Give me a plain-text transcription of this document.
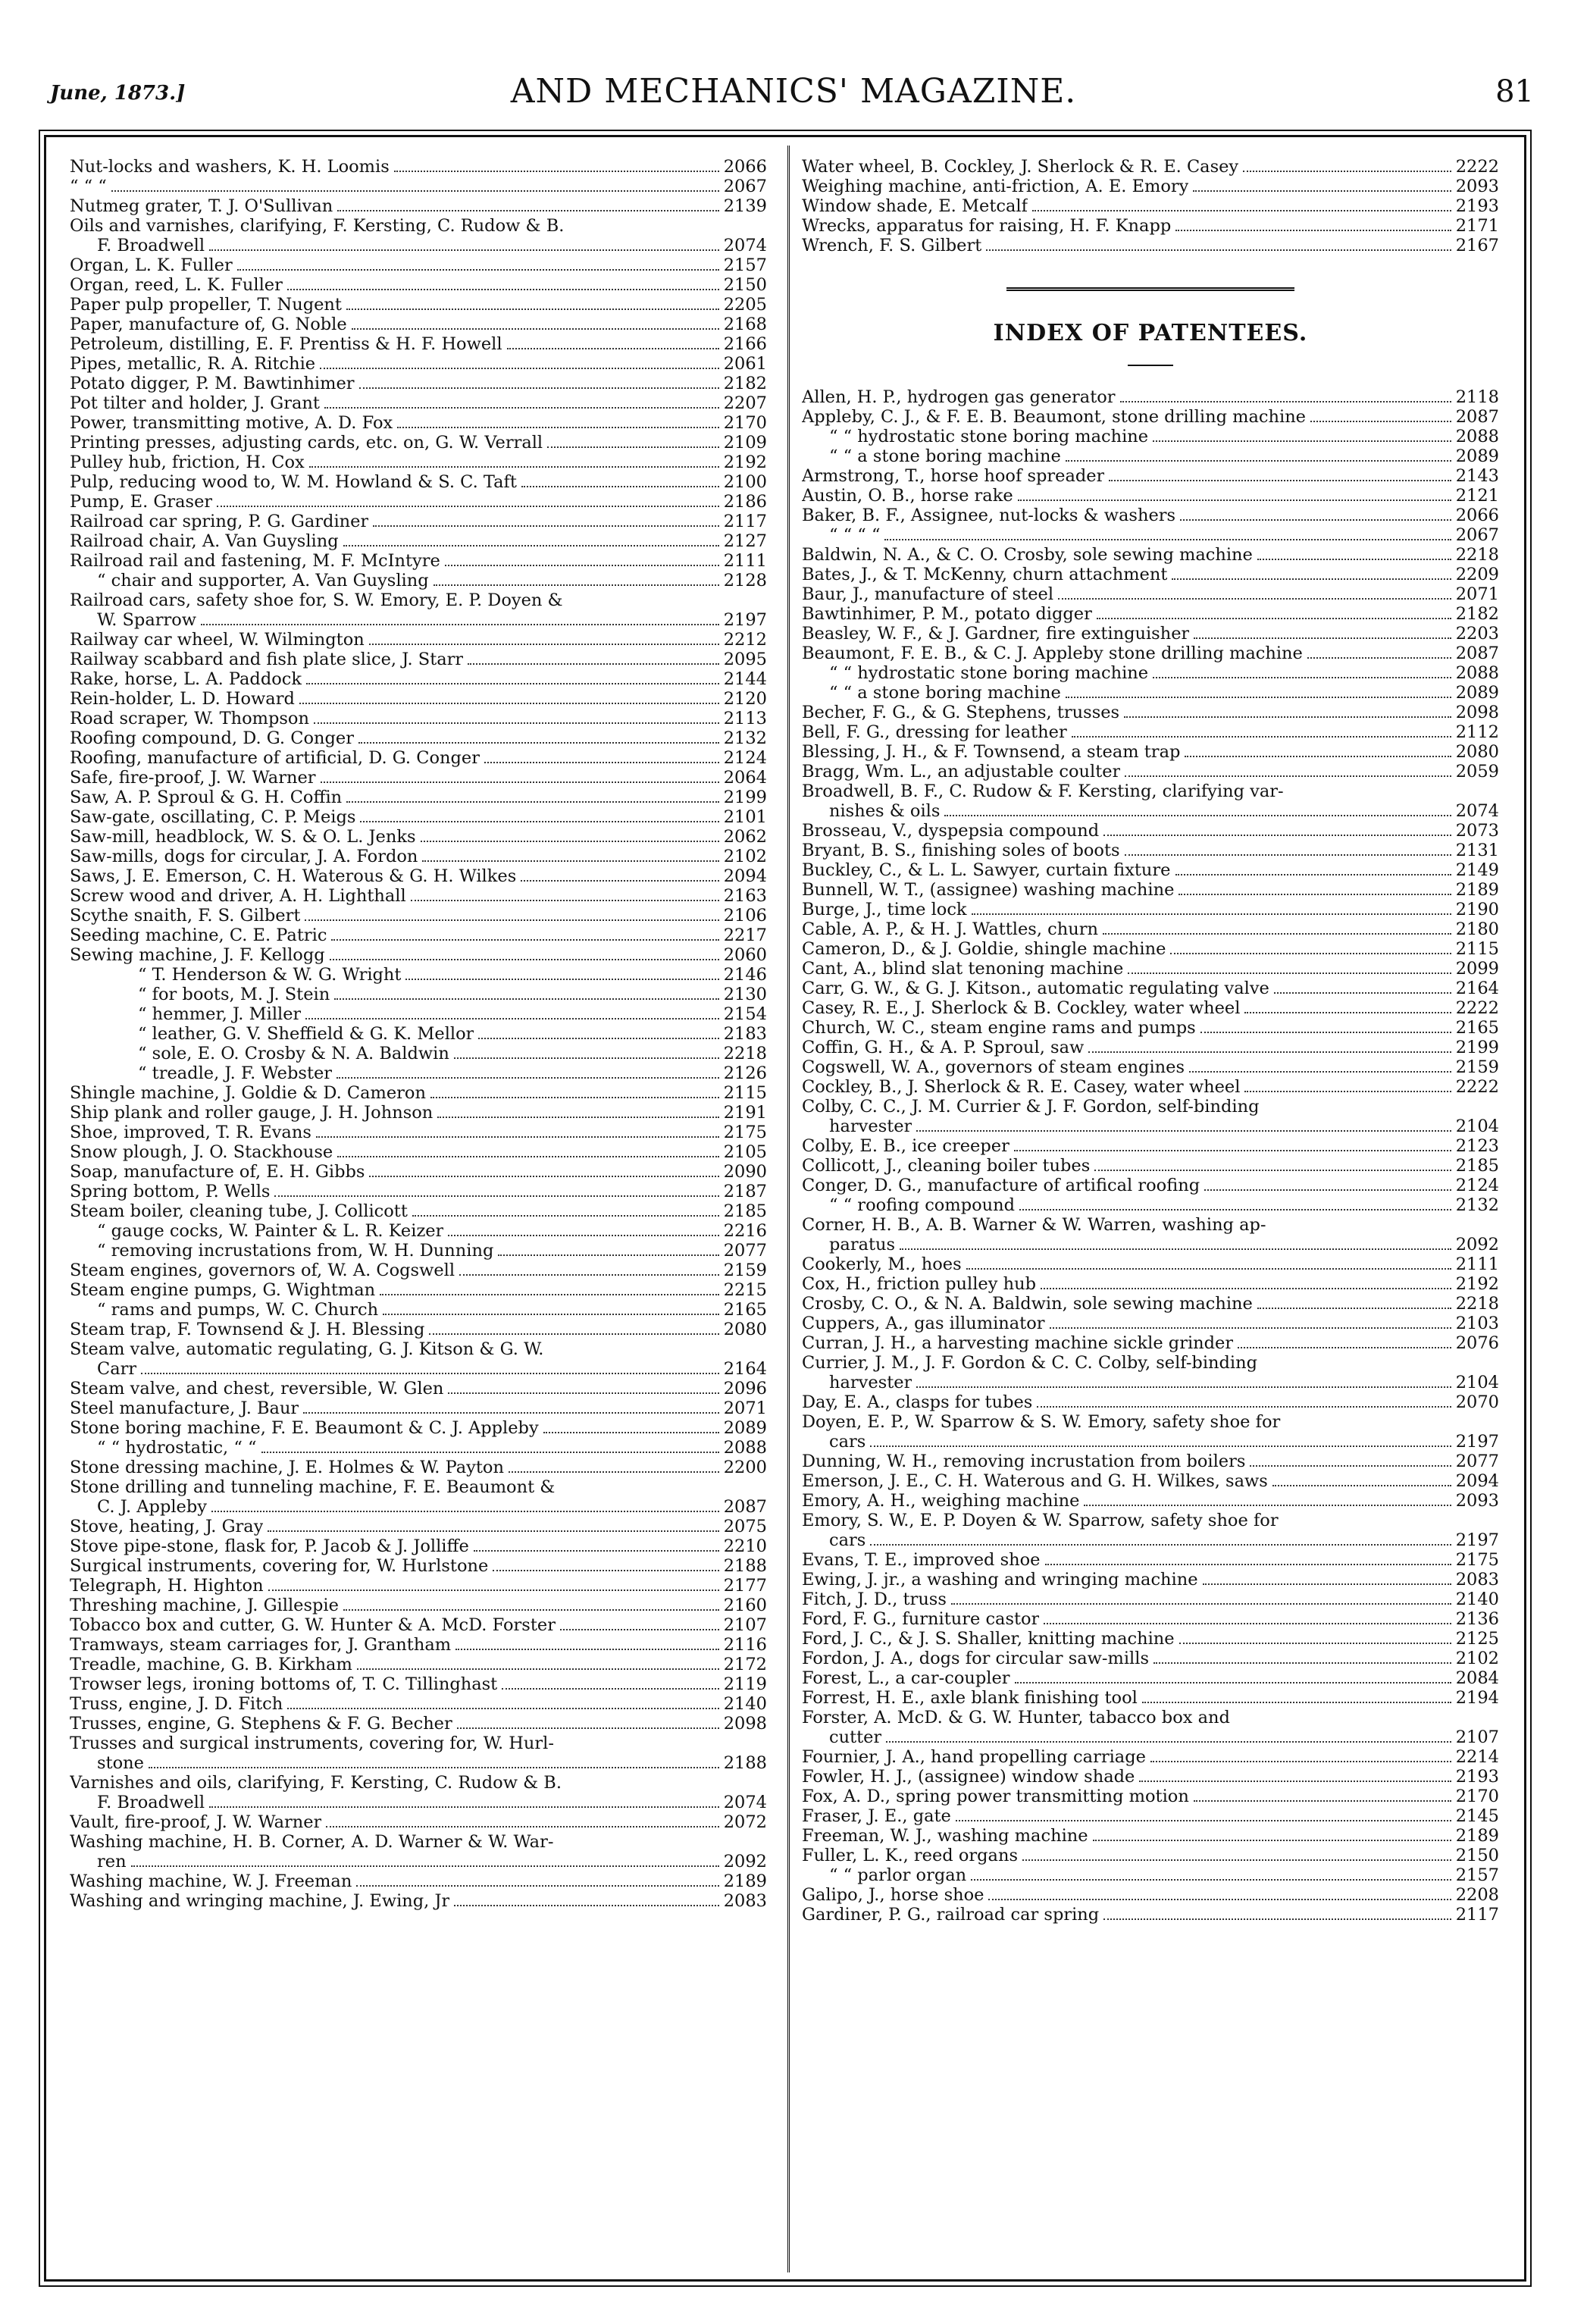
June, 1873.]	AND MECHANICS' MAGAZINE.	81
Nut-locks and washers, K. H. Loomis	2066
“ “ “	2067
Nutmeg grater, T. J. O'Sullivan	2139
Oils and varnishes, clarifying, F. Kersting, C. Rudow & B.
F. Broadwell	2074
Organ, L. K. Fuller	2157
Organ, reed, L. K. Fuller	2150
Paper pulp propeller, T. Nugent	2205
Paper, manufacture of, G. Noble	2168
Petroleum, distilling, E. F. Prentiss & H. F. Howell	2166
Pipes, metallic, R. A. Ritchie	2061
Potato digger, P. M. Bawtinhimer	2182
Pot tilter and holder, J. Grant	2207
Power, transmitting motive, A. D. Fox	2170
Printing presses, adjusting cards, etc. on, G. W. Verrall	2109
Pulley hub, friction, H. Cox	2192
Pulp, reducing wood to, W. M. Howland & S. C. Taft	2100
Pump, E. Graser	2186
Railroad car spring, P. G. Gardiner	2117
Railroad chair, A. Van Guysling	2127
Railroad rail and fastening, M. F. McIntyre	2111
“ chair and supporter, A. Van Guysling	2128
Railroad cars, safety shoe for, S. W. Emory, E. P. Doyen &
W. Sparrow	2197
Railway car wheel, W. Wilmington	2212
Railway scabbard and fish plate slice, J. Starr	2095
Rake, horse, L. A. Paddock	2144
Rein-holder, L. D. Howard	2120
Road scraper, W. Thompson	2113
Roofing compound, D. G. Conger	2132
Roofing, manufacture of artificial, D. G. Conger	2124
Safe, fire-proof, J. W. Warner	2064
Saw, A. P. Sproul & G. H. Coffin	2199
Saw-gate, oscillating, C. P. Meigs	2101
Saw-mill, headblock, W. S. & O. L. Jenks	2062
Saw-mills, dogs for circular, J. A. Fordon	2102
Saws, J. E. Emerson, C. H. Waterous & G. H. Wilkes	2094
Screw wood and driver, A. H. Lighthall	2163
Scythe snaith, F. S. Gilbert	2106
Seeding machine, C. E. Patric	2217
Sewing machine, J. F. Kellogg	2060
“ T. Henderson & W. G. Wright	2146
“ for boots, M. J. Stein	2130
“ hemmer, J. Miller	2154
“ leather, G. V. Sheffield & G. K. Mellor	2183
“ sole, E. O. Crosby & N. A. Baldwin	2218
“ treadle, J. F. Webster	2126
Shingle machine, J. Goldie & D. Cameron	2115
Ship plank and roller gauge, J. H. Johnson	2191
Shoe, improved, T. R. Evans	2175
Snow plough, J. O. Stackhouse	2105
Soap, manufacture of, E. H. Gibbs	2090
Spring bottom, P. Wells	2187
Steam boiler, cleaning tube, J. Collicott	2185
“ gauge cocks, W. Painter & L. R. Keizer	2216
“ removing incrustations from, W. H. Dunning	2077
Steam engines, governors of, W. A. Cogswell	2159
Steam engine pumps, G. Wightman	2215
“ rams and pumps, W. C. Church	2165
Steam trap, F. Townsend & J. H. Blessing	2080
Steam valve, automatic regulating, G. J. Kitson & G. W.
Carr	2164
Steam valve, and chest, reversible, W. Glen	2096
Steel manufacture, J. Baur	2071
Stone boring machine, F. E. Beaumont & C. J. Appleby	2089
“ “ hydrostatic, “ “	2088
Stone dressing machine, J. E. Holmes & W. Payton	2200
Stone drilling and tunneling machine, F. E. Beaumont &
C. J. Appleby	2087
Stove, heating, J. Gray	2075
Stove pipe-stone, flask for, P. Jacob & J. Jolliffe	2210
Surgical instruments, covering for, W. Hurlstone	2188
Telegraph, H. Highton	2177
Threshing machine, J. Gillespie	2160
Tobacco box and cutter, G. W. Hunter & A. McD. Forster	2107
Tramways, steam carriages for, J. Grantham	2116
Treadle, machine, G. B. Kirkham	2172
Trowser legs, ironing bottoms of, T. C. Tillinghast	2119
Truss, engine, J. D. Fitch	2140
Trusses, engine, G. Stephens & F. G. Becher	2098
Trusses and surgical instruments, covering for, W. Hurl-
stone	2188
Varnishes and oils, clarifying, F. Kersting, C. Rudow & B.
F. Broadwell	2074
Vault, fire-proof, J. W. Warner	2072
Washing machine, H. B. Corner, A. D. Warner & W. War-
ren	2092
Washing machine, W. J. Freeman	2189
Washing and wringing machine, J. Ewing, Jr	2083
Water wheel, B. Cockley, J. Sherlock & R. E. Casey	2222
Weighing machine, anti-friction, A. E. Emory	2093
Window shade, E. Metcalf	2193
Wrecks, apparatus for raising, H. F. Knapp	2171
Wrench, F. S. Gilbert	2167
INDEX OF PATENTEES.
Allen, H. P., hydrogen gas generator	2118
Appleby, C. J., & F. E. B. Beaumont, stone drilling machine	2087
“ “ hydrostatic stone boring machine	2088
“ “ a stone boring machine	2089
Armstrong, T., horse hoof spreader	2143
Austin, O. B., horse rake	2121
Baker, B. F., Assignee, nut-locks & washers	2066
“ “ “ “	2067
Baldwin, N. A., & C. O. Crosby, sole sewing machine	2218
Bates, J., & T. McKenny, churn attachment	2209
Baur, J., manufacture of steel	2071
Bawtinhimer, P. M., potato digger	2182
Beasley, W. F., & J. Gardner, fire extinguisher	2203
Beaumont, F. E. B., & C. J. Appleby stone drilling machine	2087
“ “ hydrostatic stone boring machine	2088
“ “ a stone boring machine	2089
Becher, F. G., & G. Stephens, trusses	2098
Bell, F. G., dressing for leather	2112
Blessing, J. H., & F. Townsend, a steam trap	2080
Bragg, Wm. L., an adjustable coulter	2059
Broadwell, B. F., C. Rudow & F. Kersting, clarifying var-
nishes & oils	2074
Brosseau, V., dyspepsia compound	2073
Bryant, B. S., finishing soles of boots	2131
Buckley, C., & L. L. Sawyer, curtain fixture	2149
Bunnell, W. T., (assignee) washing machine	2189
Burge, J., time lock	2190
Cable, A. P., & H. J. Wattles, churn	2180
Cameron, D., & J. Goldie, shingle machine	2115
Cant, A., blind slat tenoning machine	2099
Carr, G. W., & G. J. Kitson., automatic regulating valve	2164
Casey, R. E., J. Sherlock & B. Cockley, water wheel	2222
Church, W. C., steam engine rams and pumps	2165
Coffin, G. H., & A. P. Sproul, saw	2199
Cogswell, W. A., governors of steam engines	2159
Cockley, B., J. Sherlock & R. E. Casey, water wheel	2222
Colby, C. C., J. M. Currier & J. F. Gordon, self-binding
harvester	2104
Colby, E. B., ice creeper	2123
Collicott, J., cleaning boiler tubes	2185
Conger, D. G., manufacture of artifical roofing	2124
“ “ roofing compound	2132
Corner, H. B., A. B. Warner & W. Warren, washing ap-
paratus	2092
Cookerly, M., hoes	2111
Cox, H., friction pulley hub	2192
Crosby, C. O., & N. A. Baldwin, sole sewing machine	2218
Cuppers, A., gas illuminator	2103
Curran, J. H., a harvesting machine sickle grinder	2076
Currier, J. M., J. F. Gordon & C. C. Colby, self-binding
harvester	2104
Day, E. A., clasps for tubes	2070
Doyen, E. P., W. Sparrow & S. W. Emory, safety shoe for
cars	2197
Dunning, W. H., removing incrustation from boilers	2077
Emerson, J. E., C. H. Waterous and G. H. Wilkes, saws	2094
Emory, A. H., weighing machine	2093
Emory, S. W., E. P. Doyen & W. Sparrow, safety shoe for
cars	2197
Evans, T. E., improved shoe	2175
Ewing, J. jr., a washing and wringing machine	2083
Fitch, J. D., truss	2140
Ford, F. G., furniture castor	2136
Ford, J. C., & J. S. Shaller, knitting machine	2125
Fordon, J. A., dogs for circular saw-mills	2102
Forest, L., a car-coupler	2084
Forrest, H. E., axle blank finishing tool	2194
Forster, A. McD. & G. W. Hunter, tabacco box and
cutter	2107
Fournier, J. A., hand propelling carriage	2214
Fowler, H. J., (assignee) window shade	2193
Fox, A. D., spring power transmitting motion	2170
Fraser, J. E., gate	2145
Freeman, W. J., washing machine	2189
Fuller, L. K., reed organs	2150
“ “ parlor organ	2157
Galipo, J., horse shoe	2208
Gardiner, P. G., railroad car spring	2117
